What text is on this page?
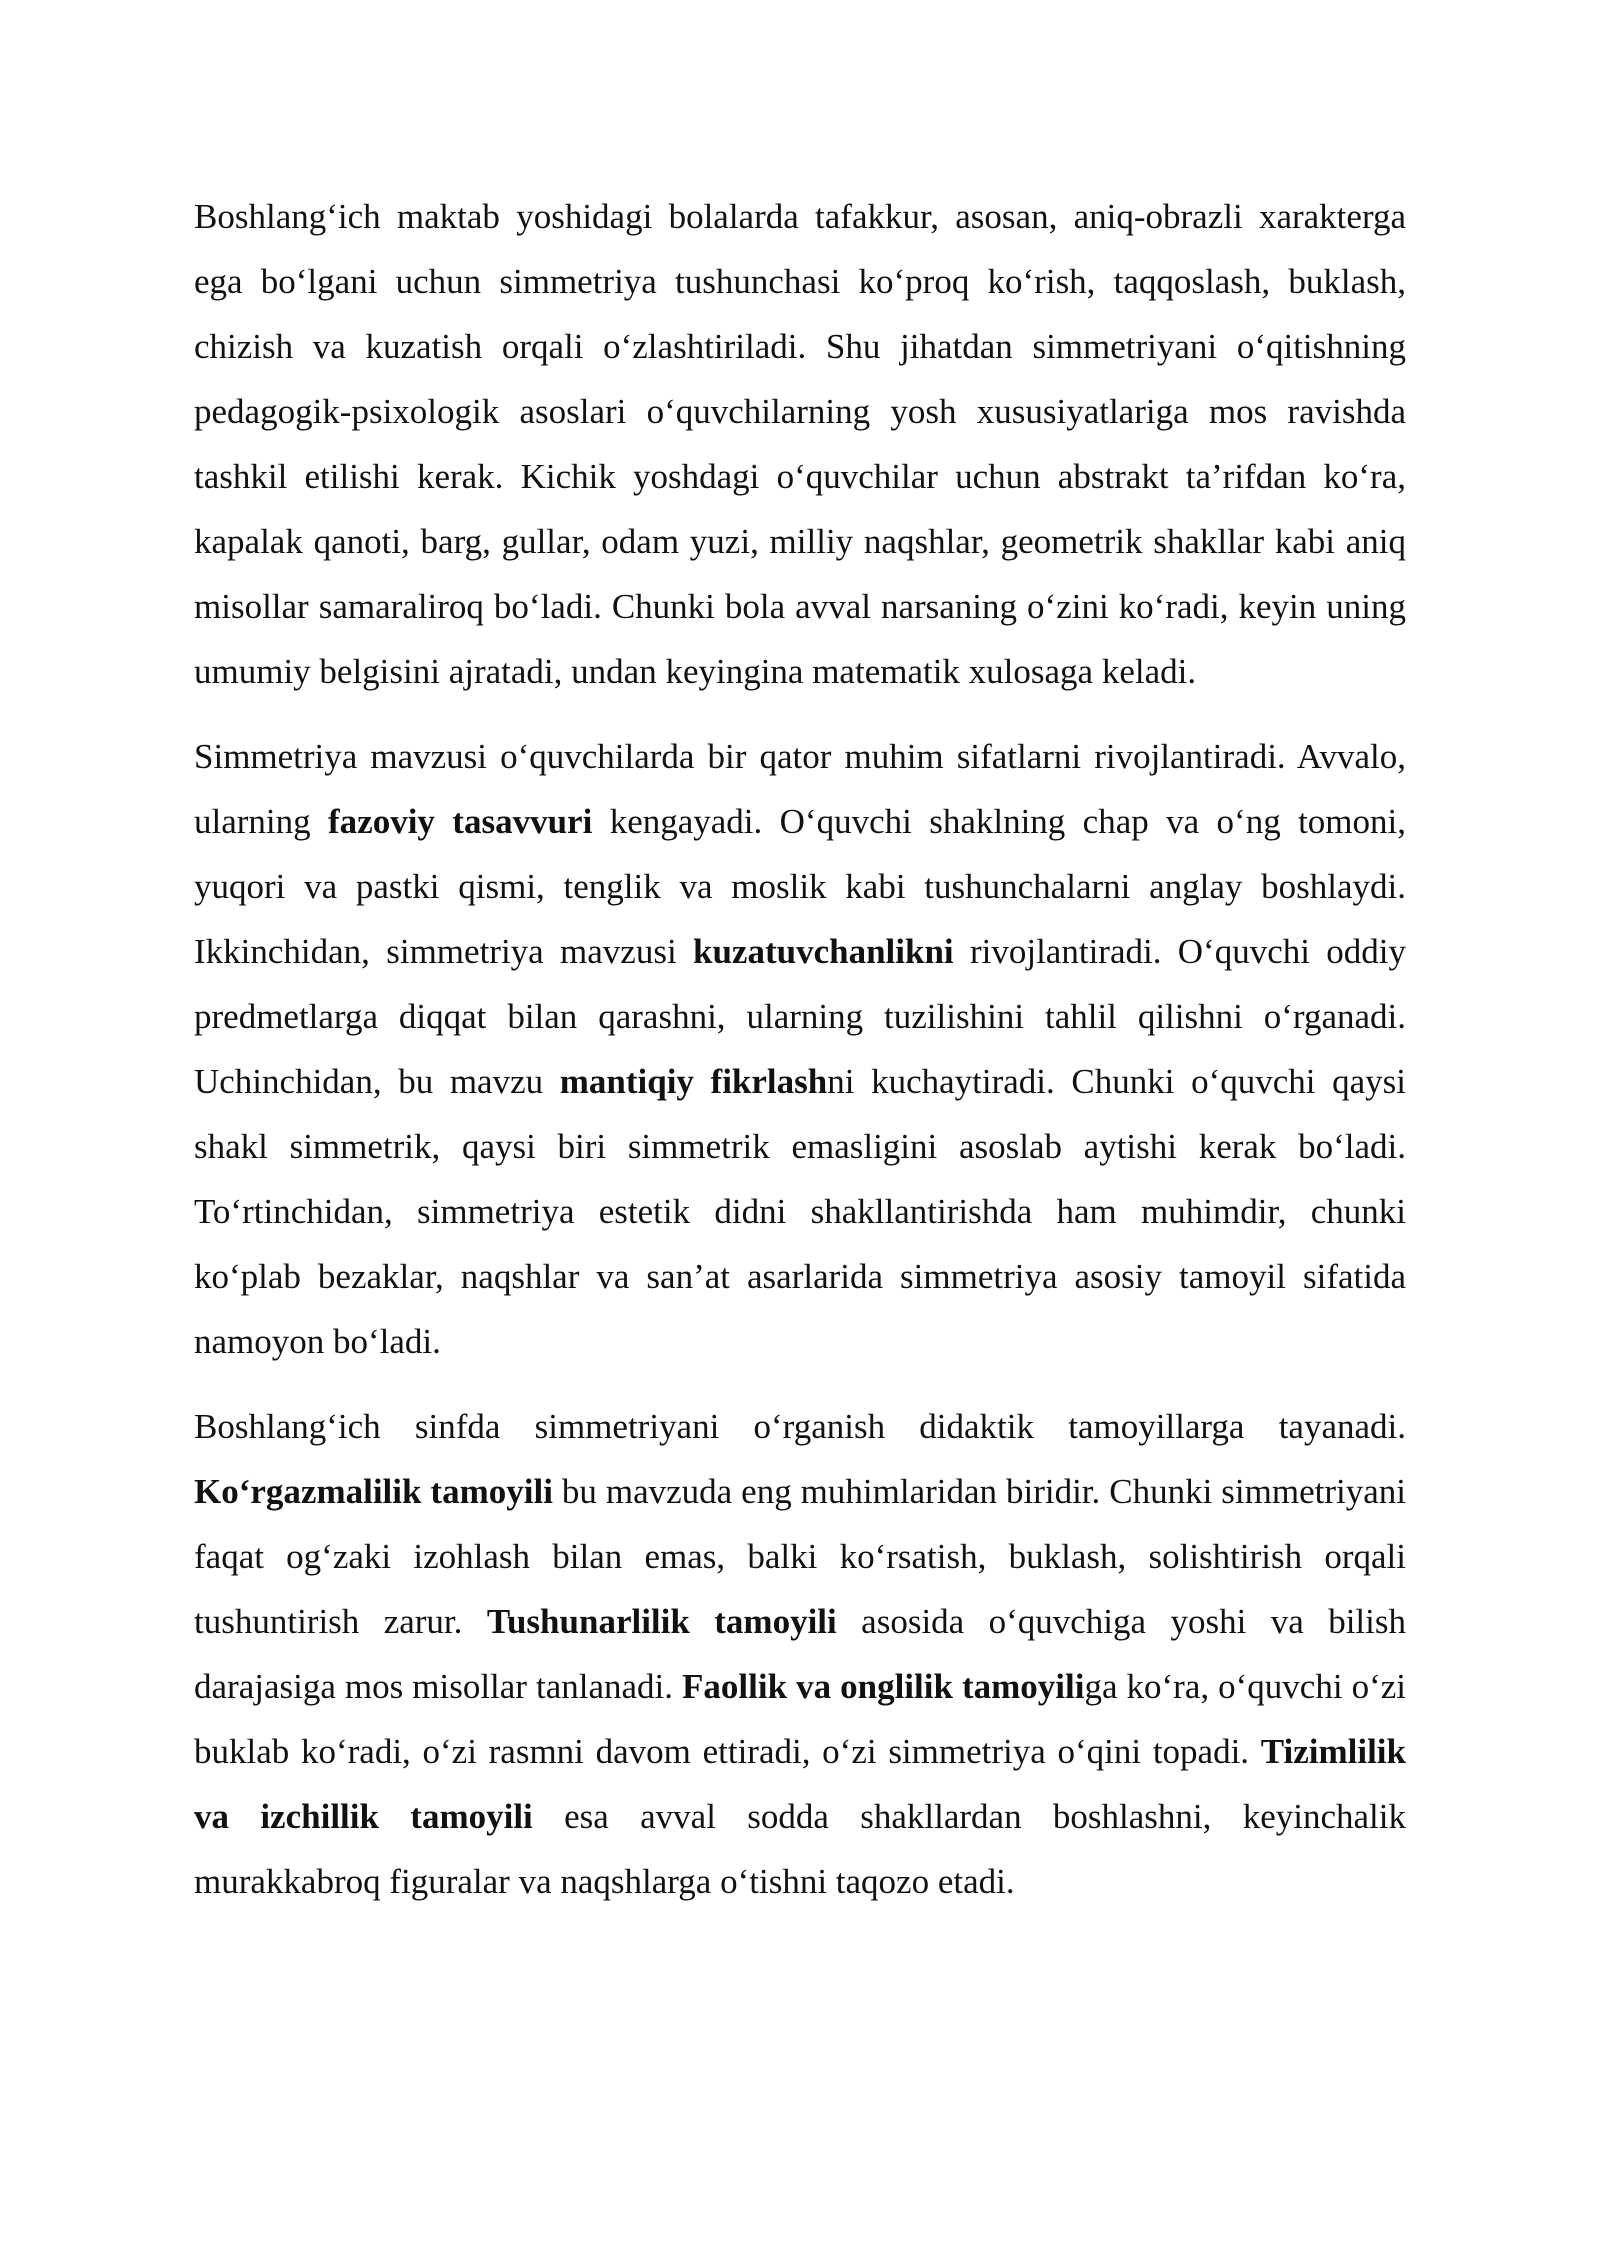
Boshlang‘ich maktab yoshidagi bolalarda tafakkur, asosan, aniq-obrazli xarakterga ega bo‘lgani uchun simmetriya tushunchasi ko‘proq ko‘rish, taqqoslash, buklash, chizish va kuzatish orqali o‘zlashtiriladi. Shu jihatdan simmetriyani o‘qitishning pedagogik-psixologik asoslari o‘quvchilarning yosh xususiyatlariga mos ravishda tashkil etilishi kerak. Kichik yoshdagi o‘quvchilar uchun abstrakt ta’rifdan ko‘ra, kapalak qanoti, barg, gullar, odam yuzi, milliy naqshlar, geometrik shakllar kabi aniq misollar samaraliroq bo‘ladi. Chunki bola avval narsaning o‘zini ko‘radi, keyin uning umumiy belgisini ajratadi, undan keyingina matematik xulosaga keladi.

Simmetriya mavzusi o‘quvchilarda bir qator muhim sifatlarni rivojlantiradi. Avvalo, ularning fazoviy tasavvuri kengayadi. O‘quvchi shaklning chap va o‘ng tomoni, yuqori va pastki qismi, tenglik va moslik kabi tushunchalarni anglay boshlaydi. Ikkinchidan, simmetriya mavzusi kuzatuvchanlikni rivojlantiradi. O‘quvchi oddiy predmetlarga diqqat bilan qarashni, ularning tuzilishini tahlil qilishni o‘rganadi. Uchinchidan, bu mavzu mantiqiy fikrlashni kuchaytiradi. Chunki o‘quvchi qaysi shakl simmetrik, qaysi biri simmetrik emasligini asoslab aytishi kerak bo‘ladi. To‘rtinchidan, simmetriya estetik didni shakllantirishda ham muhimdir, chunki ko‘plab bezaklar, naqshlar va san’at asarlarida simmetriya asosiy tamoyil sifatida namoyon bo‘ladi.

Boshlang‘ich sinfda simmetriyani o‘rganish didaktik tamoyillarga tayanadi. Ko‘rgazmalilik tamoyili bu mavzuda eng muhimlaridan biridir. Chunki simmetriyani faqat og‘zaki izohlash bilan emas, balki ko‘rsatish, buklash, solishtirish orqali tushuntirish zarur. Tushunarlilik tamoyili asosida o‘quvchiga yoshi va bilish darajasiga mos misollar tanlanadi. Faollik va onglilik tamoyiliga ko‘ra, o‘quvchi o‘zi buklab ko‘radi, o‘zi rasmni davom ettiradi, o‘zi simmetriya o‘qini topadi. Tizimlilik va izchillik tamoyili esa avval sodda shakllardan boshlashni, keyinchalik murakkabroq figuralar va naqshlarga o‘tishni taqozo etadi.
